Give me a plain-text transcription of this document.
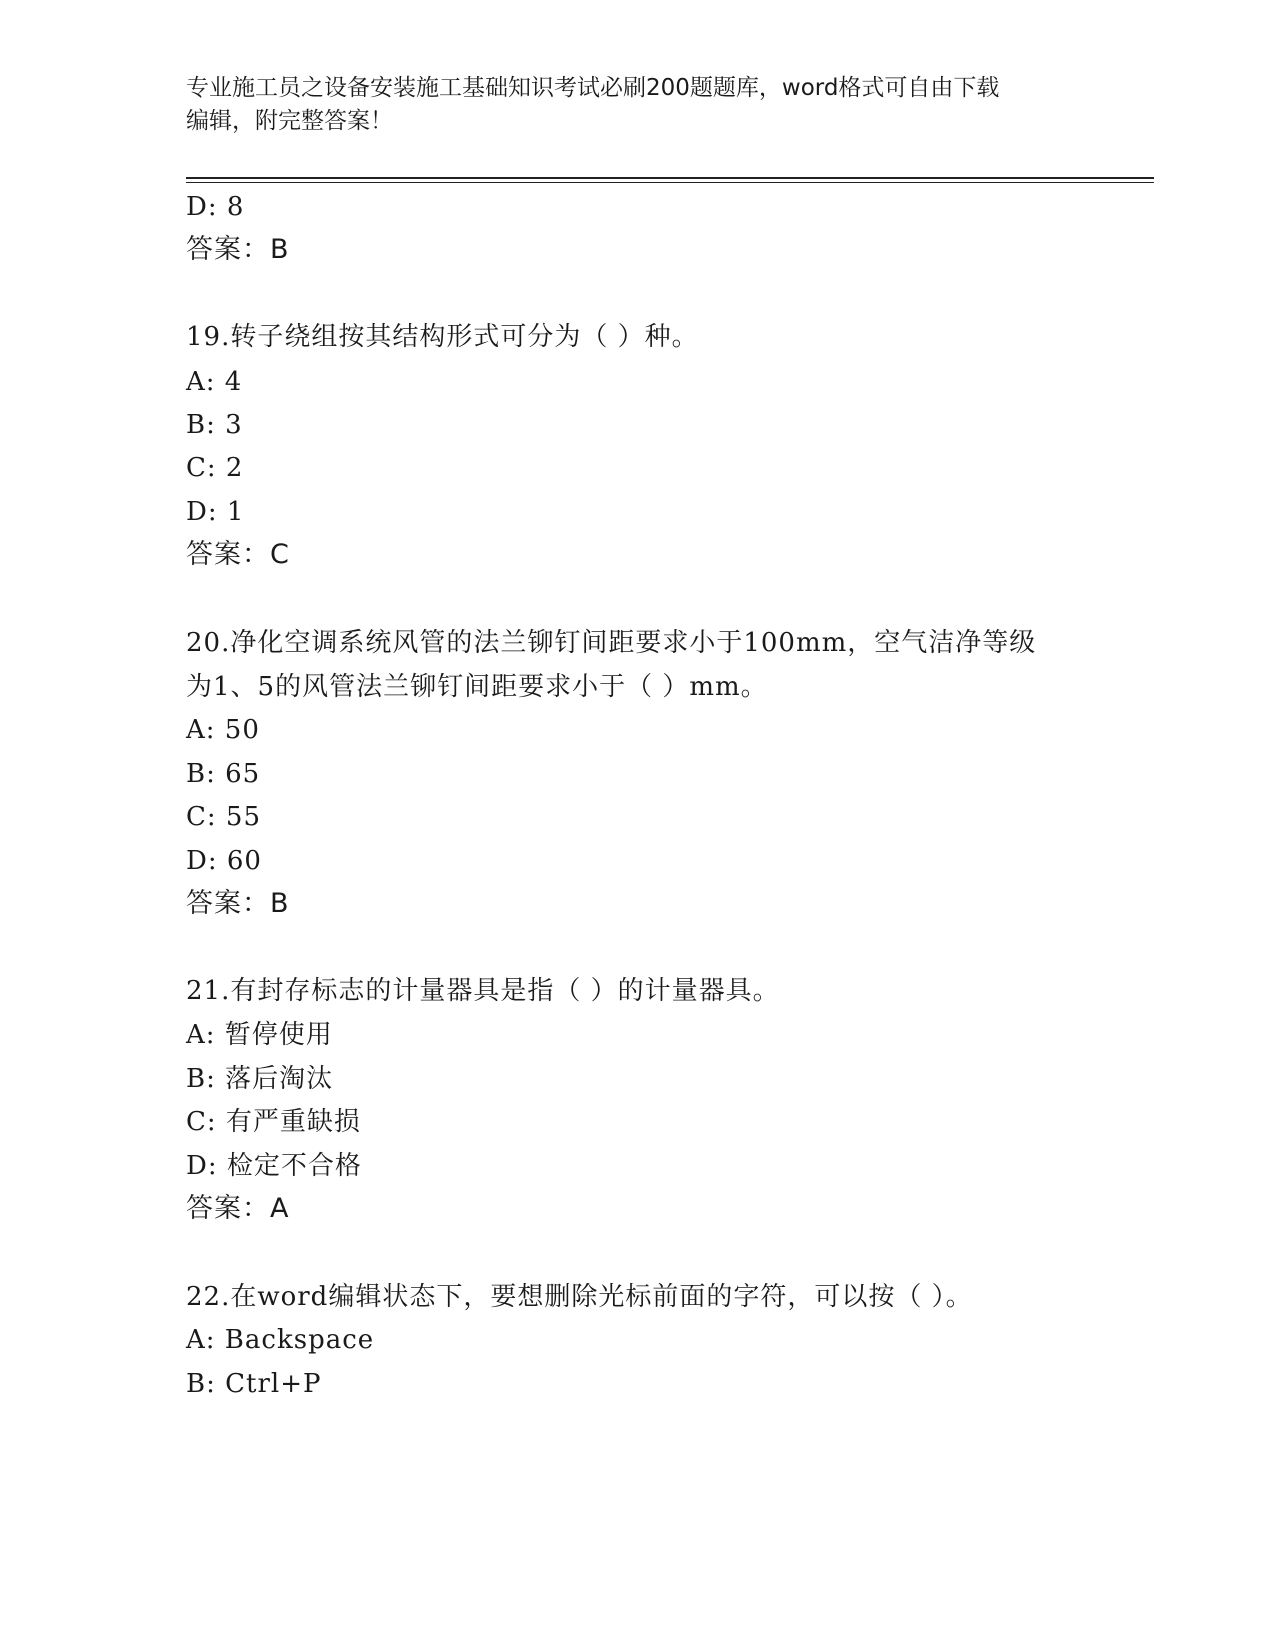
专业施工员之设备安装施工基础知识考试必刷200题题库，word格式可自由下载
编辑，附完整答案！
D: 8
答案：B
19.转子绕组按其结构形式可分为（ ）种。
A: 4
B: 3
C: 2
D: 1
答案：C
20.净化空调系统风管的法兰铆钉间距要求小于100mm，空气洁净等级
为1、5的风管法兰铆钉间距要求小于（ ）mm。
A: 50
B: 65
C: 55
D: 60
答案：B
21.有封存标志的计量器具是指（ ）的计量器具。
A: 暂停使用
B: 落后淘汰
C: 有严重缺损
D: 检定不合格
答案：A
22.在word编辑状态下，要想删除光标前面的字符，可以按（ ）。
A: Backspace
B: Ctrl+P
